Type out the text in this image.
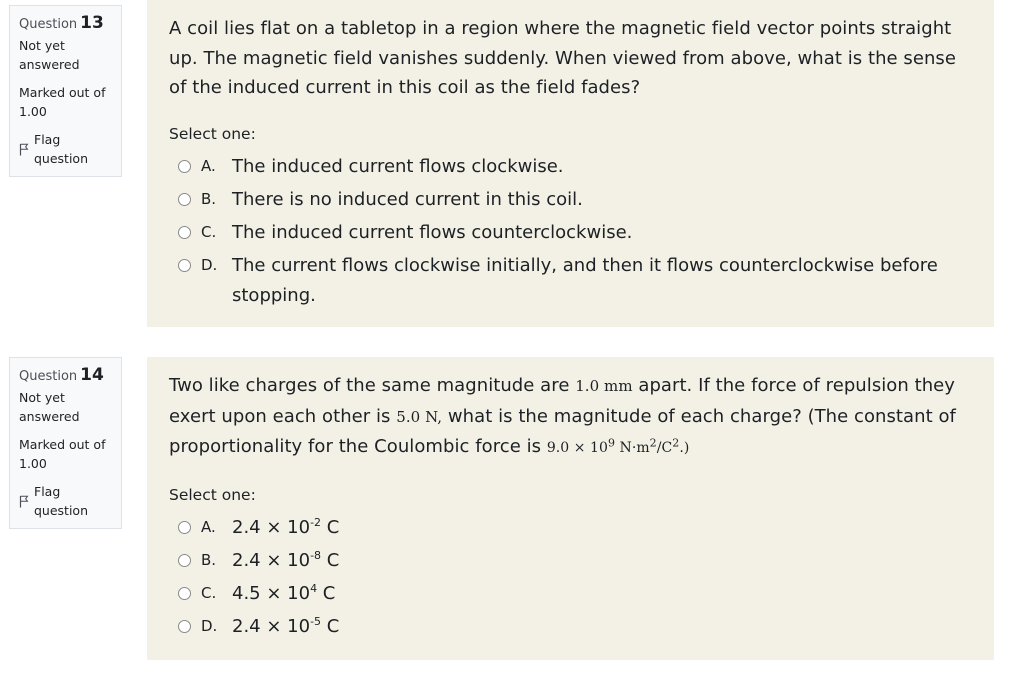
Question 13
Not yet answered
Marked out of 1.00
Flag question
A coil lies flat on a tabletop in a region where the magnetic field vector points straight up. The magnetic field vanishes suddenly. When viewed from above, what is the sense of the induced current in this coil as the field fades?
Select one:
A. The induced current flows clockwise.
B. There is no induced current in this coil.
C. The induced current flows counterclockwise.
D. The current flows clockwise initially, and then it flows counterclockwise before stopping.
Question 14
Not yet answered
Marked out of 1.00
Flag question
Two like charges of the same magnitude are 1.0 mm apart. If the force of repulsion they exert upon each other is 5.0 N, what is the magnitude of each charge? (The constant of proportionality for the Coulombic force is $9.0 \times 10^9$ $N\cdot m^2/C^2$.)
Select one:
A. $2.4 \times 10^{-2}$ C
B. $2.4 \times 10^{-8}$ C
C. $4.5 \times 10^4$ C
D. $2.4 \times 10^{-5}$ C
